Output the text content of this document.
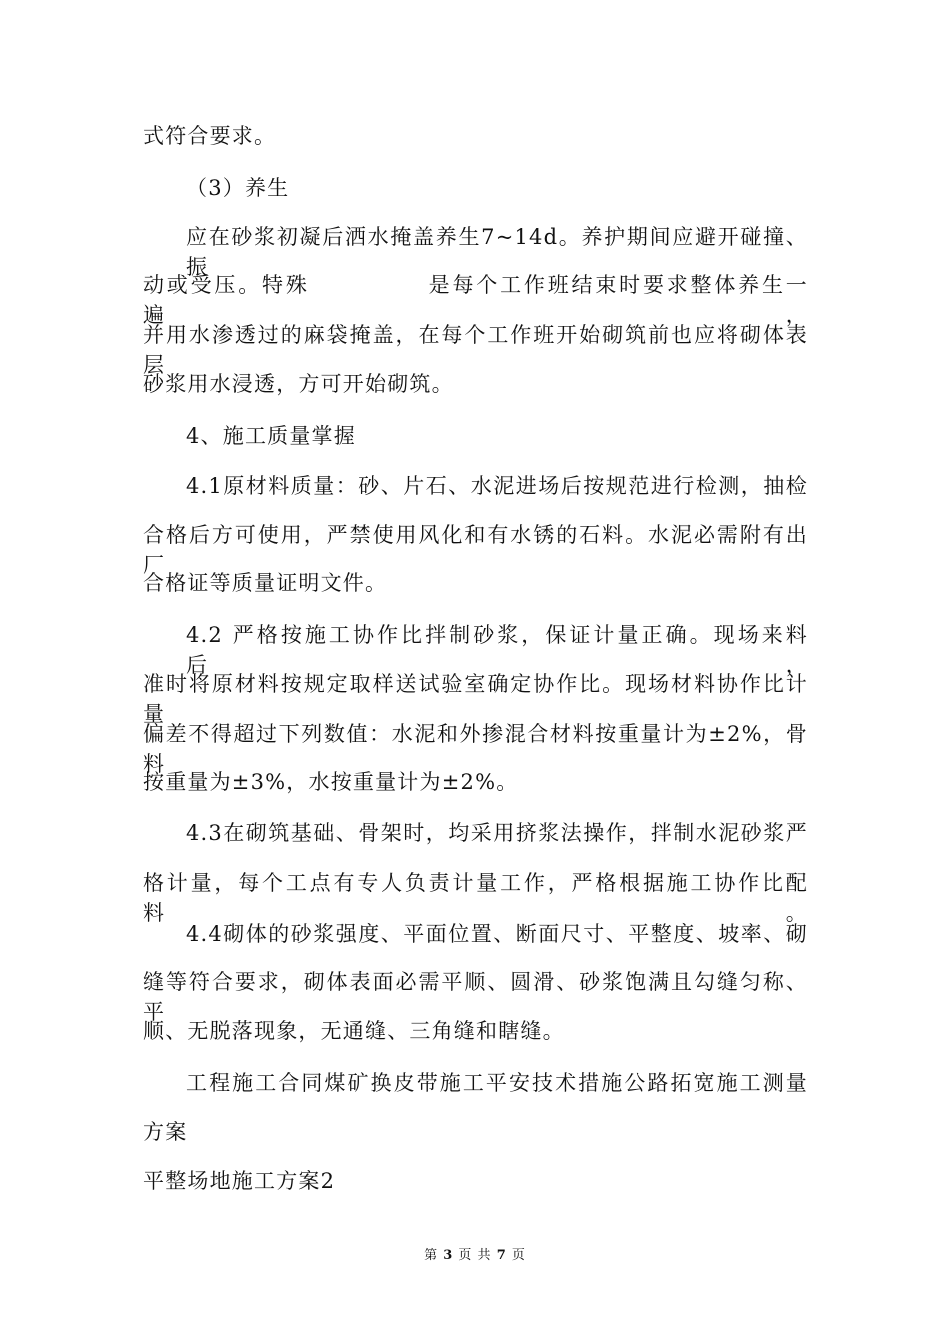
式符合要求。
（3）养生
应在砂浆初凝后洒水掩盖养生7~14d。养护期间应避开碰撞、振
动或受压。特殊　　　　　是每个工作班结束时要求整体养生一遍，
并用水渗透过的麻袋掩盖，在每个工作班开始砌筑前也应将砌体表层
砂浆用水浸透，方可开始砌筑。
4、施工质量掌握
4.1原材料质量：砂、片石、水泥进场后按规范进行检测，抽检
合格后方可使用，严禁使用风化和有水锈的石料。水泥必需附有出厂
合格证等质量证明文件。
4.2 严格按施工协作比拌制砂浆，保证计量正确。现场来料后，
准时将原材料按规定取样送试验室确定协作比。现场材料协作比计量
偏差不得超过下列数值：水泥和外掺混合材料按重量计为±2%，骨料
按重量为±3%，水按重量计为±2%。
4.3在砌筑基础、骨架时，均采用挤浆法操作，拌制水泥砂浆严
格计量，每个工点有专人负责计量工作，严格根据施工协作比配料。
4.4砌体的砂浆强度、平面位置、断面尺寸、平整度、坡率、砌
缝等符合要求，砌体表面必需平顺、圆滑、砂浆饱满且勾缝匀称、平
顺、无脱落现象，无通缝、三角缝和瞎缝。
工程施工合同煤矿换皮带施工平安技术措施公路拓宽施工测量
方案
平整场地施工方案2
第 3 页 共 7 页
